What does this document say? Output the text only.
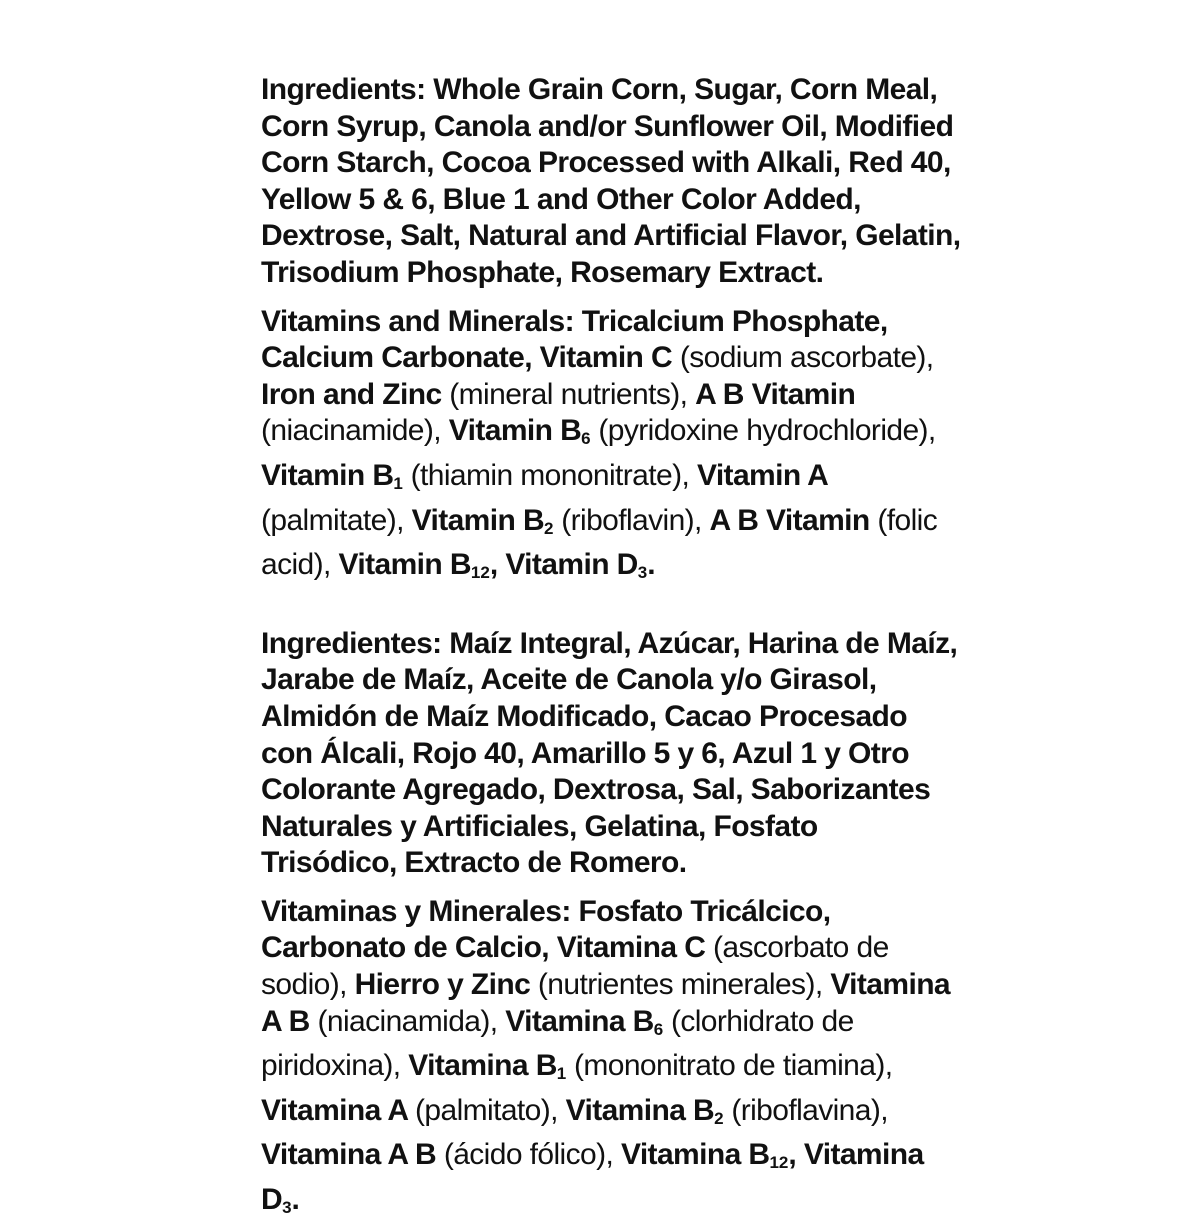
Ingredients: Whole Grain Corn, Sugar, Corn Meal, Corn Syrup, Canola and/or Sunflower Oil, Modified Corn Starch, Cocoa Processed with Alkali, Red 40, Yellow 5 & 6, Blue 1 and Other Color Added, Dextrose, Salt, Natural and Artificial Flavor, Gelatin, Trisodium Phosphate, Rosemary Extract.

Vitamins and Minerals: Tricalcium Phosphate, Calcium Carbonate, Vitamin C (sodium ascorbate), Iron and Zinc (mineral nutrients), A B Vitamin (niacinamide), Vitamin $B_6$ (pyridoxine hydrochloride), Vitamin $B_1$ (thiamin mononitrate), Vitamin A (palmitate), Vitamin $B_2$ (riboflavin), A B Vitamin (folic acid), Vitamin $B_{12}$, Vitamin $D_3$.

Ingredientes: Maíz Integral, Azúcar, Harina de Maíz, Jarabe de Maíz, Aceite de Canola y/o Girasol, Almidón de Maíz Modificado, Cacao Procesado con Álcali, Rojo 40, Amarillo 5 y 6, Azul 1 y Otro Colorante Agregado, Dextrosa, Sal, Saborizantes Naturales y Artificiales, Gelatina, Fosfato Trisódico, Extracto de Romero.

Vitaminas y Minerales: Fosfato Tricálcico, Carbonato de Calcio, Vitamina C (ascorbato de sodio), Hierro y Zinc (nutrientes minerales), Vitamina A B (niacinamida), Vitamina $B_6$ (clorhidrato de piridoxina), Vitamina $B_1$ (mononitrato de tiamina), Vitamina A (palmitato), Vitamina $B_2$ (riboflavina), Vitamina A B (ácido fólico), Vitamina $B_{12}$, Vitamina $D_3$.
